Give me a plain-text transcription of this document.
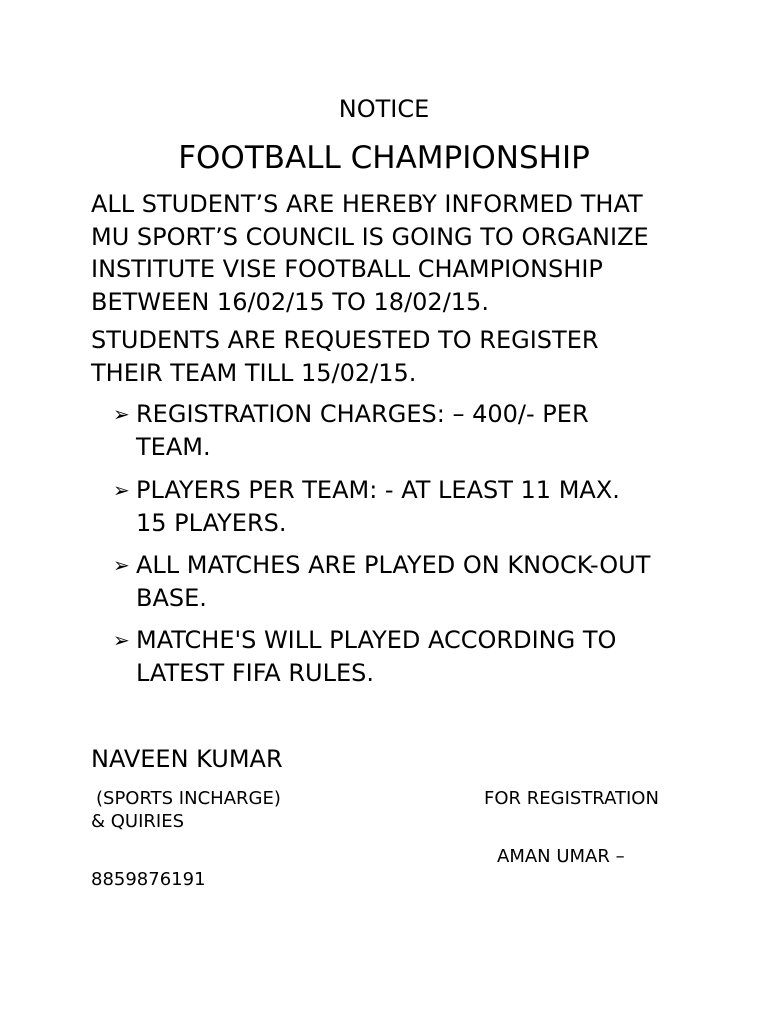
NOTICE

FOOTBALL CHAMPIONSHIP
ALL STUDENT’S ARE HEREBY INFORMED THAT
MU SPORT’S COUNCIL IS GOING TO ORGANIZE
INSTITUTE VISE FOOTBALL CHAMPIONSHIP
BETWEEN 16/02/15 TO 18/02/15.
STUDENTS ARE REQUESTED TO REGISTER
THEIR TEAM TILL 15/02/15.
➢ REGISTRATION CHARGES: – 400/- PER
TEAM.
➢ PLAYERS PER TEAM: - AT LEAST 11 MAX.
15 PLAYERS.
➢ ALL MATCHES ARE PLAYED ON KNOCK-OUT
BASE.
➢ MATCHE'S WILL PLAYED ACCORDING TO
LATEST FIFA RULES.

NAVEEN KUMAR

(SPORTS INCHARGE)	FOR REGISTRATION

& QUIRIES

AMAN UMAR –

8859876191
